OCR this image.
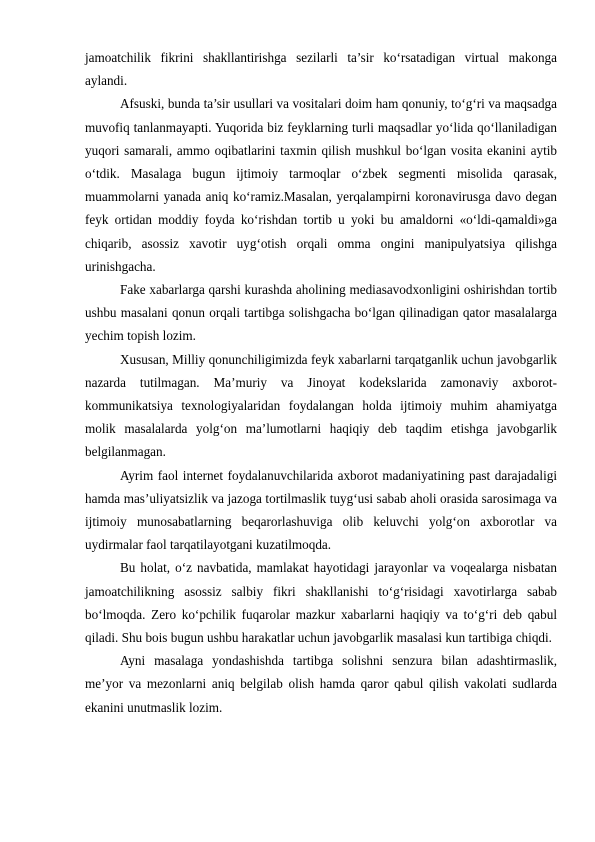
jamoatchilik fikrini shakllantirishga sezilarli ta’sir ko‘rsatadigan virtual makonga aylandi.

Afsuski, bunda ta’sir usullari va vositalari doim ham qonuniy, to‘g‘ri va maqsadga muvofiq tanlanmayapti. Yuqorida biz feyklarning turli maqsadlar yo‘lida qo‘llaniladigan yuqori samarali, ammo oqibatlarini taxmin qilish mushkul bo‘lgan vosita ekanini aytib o‘tdik. Masalaga bugun ijtimoiy tarmoqlar o‘zbek segmenti misolida qarasak, muammolarni yanada aniq ko‘ramiz.Masalan, yerqalampirni koronavirusga davo degan feyk ortidan moddiy foyda ko‘rishdan tortib u yoki bu amaldorni «o‘ldi-qamaldi»ga chiqarib, asossiz xavotir uyg‘otish orqali omma ongini manipulyatsiya qilishga urinishgacha.

Fake xabarlarga qarshi kurashda aholining mediasavodxonligini oshirishdan tortib ushbu masalani qonun orqali tartibga solishgacha bo‘lgan qilinadigan qator masalalarga yechim topish lozim.

Xususan, Milliy qonunchiligimizda feyk xabarlarni tarqatganlik uchun javobgarlik nazarda tutilmagan. Ma’muriy va Jinoyat kodekslarida zamonaviy axborot-kommunikatsiya texnologiyalaridan foydalangan holda ijtimoiy muhim ahamiyatga molik masalalarda yolg‘on ma’lumotlarni haqiqiy deb taqdim etishga javobgarlik belgilanmagan.

Ayrim faol internet foydalanuvchilarida axborot madaniyatining past darajadaligi hamda mas’uliyatsizlik va jazoga tortilmaslik tuyg‘usi sabab aholi orasida sarosimaga va ijtimoiy munosabatlarning beqarorlashuviga olib keluvchi yolg‘on axborotlar va uydirmalar faol tarqatilayotgani kuzatilmoqda.

Bu holat, o‘z navbatida, mamlakat hayotidagi jarayonlar va voqealarga nisbatan jamoatchilikning asossiz salbiy fikri shakllanishi to‘g‘risidagi xavotirlarga sabab bo‘lmoqda. Zero ko‘pchilik fuqarolar mazkur xabarlarni haqiqiy va to‘g‘ri deb qabul qiladi. Shu bois bugun ushbu harakatlar uchun javobgarlik masalasi kun tartibiga chiqdi.

Ayni masalaga yondashishda tartibga solishni senzura bilan adashtirmaslik, me’yor va mezonlarni aniq belgilab olish hamda qaror qabul qilish vakolati sudlarda ekanini unutmaslik lozim.
